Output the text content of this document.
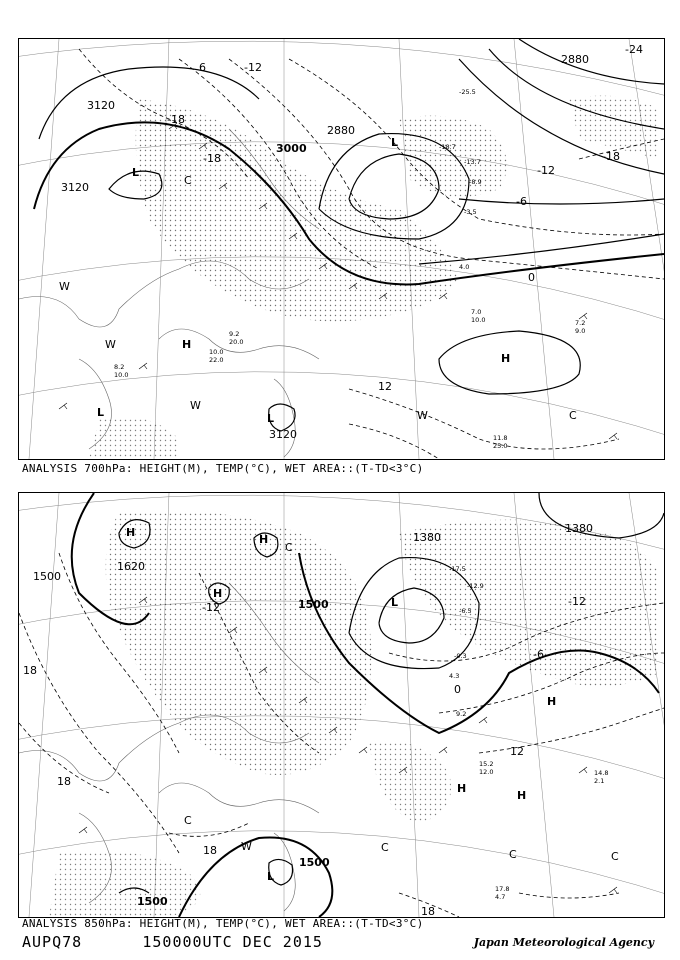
11.8
25.0
7.2
9.0
7.0
10.0
9.2
20.0
10.0
22.0
8.2
10.0
-25.5
-18.7
-13.7
-8.9
-3.5
4.0
3120
3120
3000
2880
2880
3120
-24
-18
-18	-18
-12
-12
-6
0
12
6
L
L
L	L
H
H
W
W
W
W	C
C
ANALYSIS 700hPa: HEIGHT(M), TEMP(°C), WET AREA::(T-TD<3°C)
14.8
2.1
17.8
4.7
15.2
12.0
-17.5
-12.9
-6.5
-0.3
4.3
9.2
1500
1500
1500
1500
1380
1620
1380
-12	-12
-6
0
12
18
18
18
18
H
H
H
L
H
H
H
L
C
C
C	C
C
W
ANALYSIS 850hPa: HEIGHT(M), TEMP(°C), WET AREA::(T-TD<3°C)
AUPQ78	150000UTC DEC 2015	Japan Meteorological Agency
